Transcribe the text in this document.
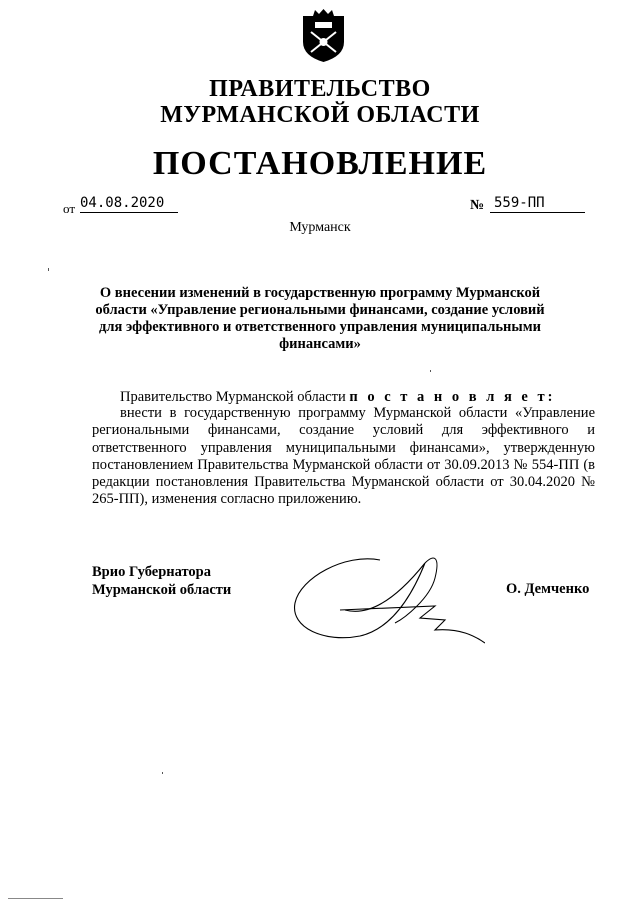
ПРАВИТЕЛЬСТВО
МУРМАНСКОЙ ОБЛАСТИ
ПОСТАНОВЛЕНИЕ
от 04.08.2020	№ 559-ПП
Мурманск
О внесении изменений в государственную программу Мурманской области «Управление региональными финансами, создание условий для эффективного и ответственного управления муниципальными финансами»
Правительство Мурманской области п о с т а н о в л я е т:
внести в государственную программу Мурманской области «Управление региональными финансами, создание условий для эффективного и ответственного управления муниципальными финансами», утвержденную постановлением Правительства Мурманской области от 30.09.2013 № 554-ПП (в редакции постановления Правительства Мурманской области от 30.04.2020 № 265-ПП), изменения согласно приложению.
Врио Губернатора
Мурманской области	О. Демченко
